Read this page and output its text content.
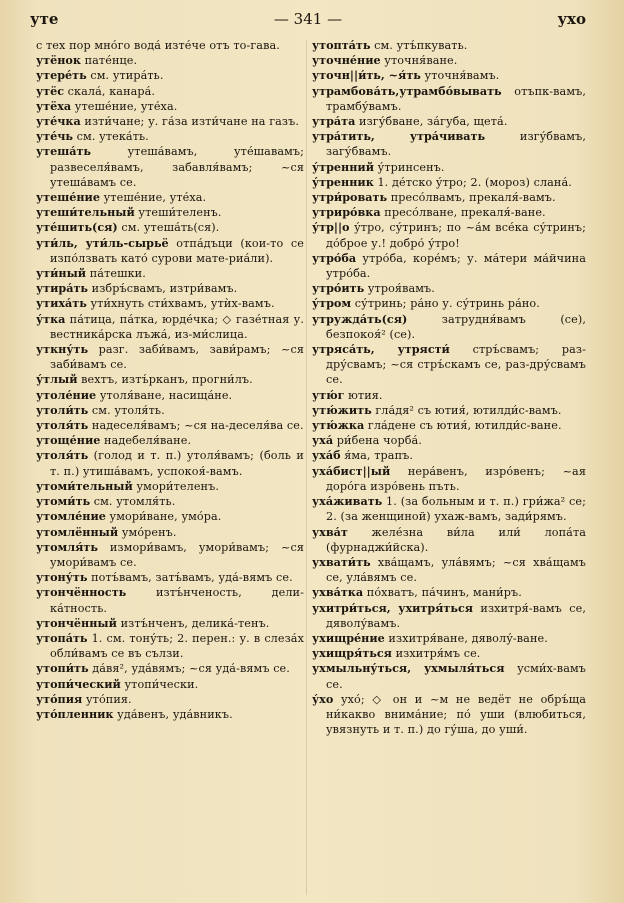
уте	— 341 —	ухо

с тех пор мно́го вода́ изте́че отъ то-гава.

утёнок пате́нце.

утере́ть см. утира́ть.

утёс скала́, канара́.

утёха утеше́ние, уте́ха.

уте́чка изти́чане; у. га́за изти́чане на газъ.

уте́чь см. утека́ть.

утеша́ть утеша́вамъ, уте́шавамъ; развеселя́вамъ, забавля́вамъ; ~ся утеша́вамъ се.

утеше́ние утеше́ние, уте́ха.

утеши́тельный утеши́теленъ.

уте́шить(ся) см. утеша́ть(ся).

ути́ль, ути́ль-сырьё отпа́дъци (кои-то се изпо́лзвать като́ сурови мате-риа́ли).

ути́ный па́тешки.

утира́ть избръ́свамъ, изтри́вамъ.

утиха́ть ути́хнуть сти́хвамъ, утѝх-вамъ.

у́тка па́тица, па́тка, юрде́чка; ◇ газе́тная у. вестника́рска лъжа́, из-ми́слица.

уткну́ть разг. заби́вамъ, зави́рамъ; ~ся заби́вамъ се.

у́тлый вехтъ, изтъ́рканъ, прогни́лъ.

утоле́ние утоля́ване, насища́не.

утоли́ть см. утоля́ть.

утоля́ть надеселя́вамъ; ~ся на-деселя́ва се.

утоще́ние надебеля́ване.

утоля́ть (голод и т. п.) утоля́вамъ; (боль и т. п.) утиша́вамъ, успокоя́-вамъ.

утоми́тельный умори́теленъ.

утоми́ть см. утомля́ть.

утомле́ние умори́ване, умо́ра.

утомлённый умо́ренъ.

утомля́ть измори́вамъ, умори́вамъ; ~ся умори́вамъ се.

утону́ть потъ́вамъ, затъ́вамъ, уда́-вямъ се.

утончённость изтъ́нченость, дели-ка́тность.

утончённый изтъ́нченъ, делика́-тенъ.

утопа́ть 1. см. тону́ть; 2. перен.: у. в слеза́х обли́вамъ се въ сълзи.

утопи́ть да́вя², уда́вямъ; ~ся уда́-вямъ се.

утопи́ческий утопи́чески.

уто́пия уто́пия.

уто́пленник уда́венъ, уда́вникъ.

утопта́ть см. утъ́пкувать.

уточне́ние уточня́ване.

уточн||и́ть, ~я́ть уточня́вамъ.

утрамбова́ть,утрамбо́вывать отъпк-вамъ, трамбу́вамъ.

утра́та изгу́бване, за́губа, щета́.

утра́тить, утра́чивать изгу́бвамъ, загу́бвамъ.

у́тренний у́тринсенъ.

у́тренник 1. де́тско у́тро; 2. (мороз) слана́.

утри́ровать пресо́лвамъ, прекаля́-вамъ.

утриро́вка пресо́лване, прекаля́-ване.

у́тр||о у́тро, су́тринъ; по ~а́м все́кa су́тринъ; до́брое у.! добро́ у́тро!

утро́ба утро́ба, коре́мъ; у. ма́тери ма́йчина утро́ба.

утро́ить утроя́вамъ.

у́тром су́тринь; ра́но у. су́тринь ра́но.

утружда́ть(ся) затрудня́вамъ (се), безпокоя́² (се).

утряса́ть, утрясти́ стръ́свамъ; раз-дру́свамъ; ~ся стръ́скамъ се, раз-дру́свамъ се.

утю́г ютия.

утю́жить гла́дя² съ ютия́, ютилди́с-вамъ.

утю́жка гла́дене съ ютия́, ютилди́с-ване.

уха́ ри́бена чорба́.

уха́б я́ма, трапъ.

уха́бист||ый нера́венъ, изро́венъ; ~ая доро́га изро́вень пъть.

уха́живать 1. (за больным и т. п.) гри́жа² се; 2. (за женщиной) ухаж-вамъ, зади́рямъ.

ухва́т желе́зна ви́ла или́ лопа́та (фурнаджи́йска).

ухвати́ть хва́щамъ, ула́вямъ; ~ся хва́щамъ се, ула́вямъ се.

ухва́тка по́хватъ, па́чинъ, мани́ръ.

ухитри́ться, ухитря́ться изхитря́-вамъ се, дяволу́вамъ.

ухищре́ние изхитря́ване, дяволу́-ване.

ухищря́ться изхитря́мъ се.

ухмыльну́ться, ухмыля́ться усми́х-вамъ се.

у́хо ухо́; ◇ он и ~м не ведёт не обръ́ща ни́какво внима́ние; по́ уши (влюбиться, увязнуть и т. п.) до гу́ша, до уши́.
